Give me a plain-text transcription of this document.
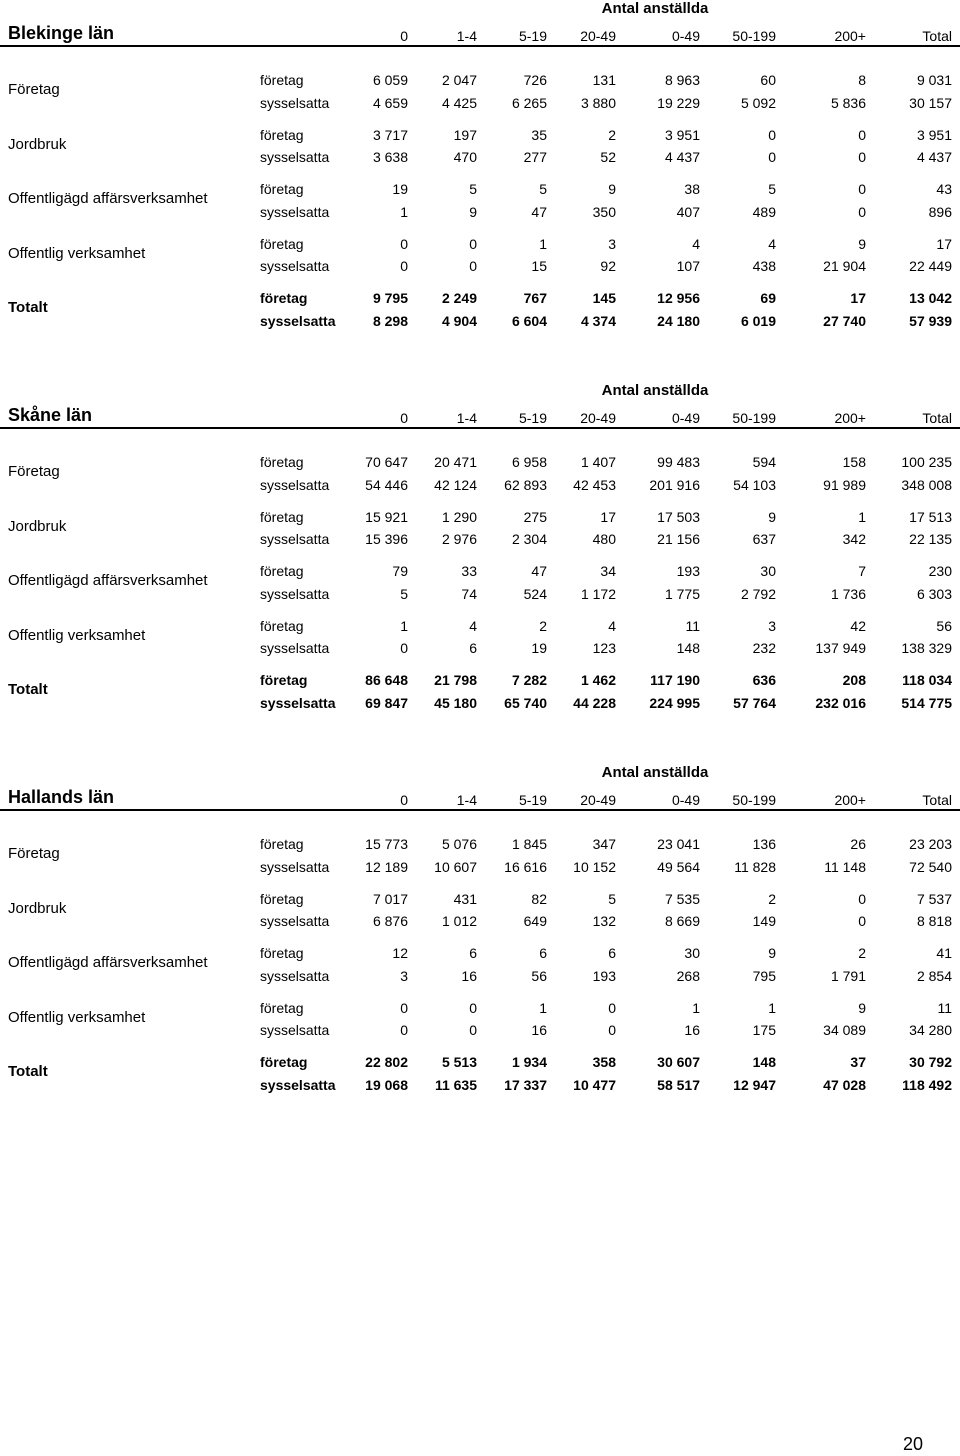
Antal anställda
Blekinge län	0	1-4	5-19	20-49	0-49	50-199	200+	Total
Företag
företag	6 059	2 047	726	131	8 963	60	8	9 031
sysselsatta	4 659	4 425	6 265	3 880	19 229	5 092	5 836	30 157
Jordbruk
företag	3 717	197	35	2	3 951	0	0	3 951
sysselsatta	3 638	470	277	52	4 437	0	0	4 437
Offentligägd affärsverksamhet
företag	19	5	5	9	38	5	0	43
sysselsatta	1	9	47	350	407	489	0	896
Offentlig verksamhet
företag	0	0	1	3	4	4	9	17
sysselsatta	0	0	15	92	107	438	21 904	22 449
Totalt
företag	9 795	2 249	767	145	12 956	69	17	13 042
sysselsatta	8 298	4 904	6 604	4 374	24 180	6 019	27 740	57 939
Antal anställda
Skåne län	0	1-4	5-19	20-49	0-49	50-199	200+	Total
Företag
företag	70 647	20 471	6 958	1 407	99 483	594	158	100 235
sysselsatta	54 446	42 124	62 893	42 453	201 916	54 103	91 989	348 008
Jordbruk
företag	15 921	1 290	275	17	17 503	9	1	17 513
sysselsatta	15 396	2 976	2 304	480	21 156	637	342	22 135
Offentligägd affärsverksamhet
företag	79	33	47	34	193	30	7	230
sysselsatta	5	74	524	1 172	1 775	2 792	1 736	6 303
Offentlig verksamhet
företag	1	4	2	4	11	3	42	56
sysselsatta	0	6	19	123	148	232	137 949	138 329
Totalt
företag	86 648	21 798	7 282	1 462	117 190	636	208	118 034
sysselsatta	69 847	45 180	65 740	44 228	224 995	57 764	232 016	514 775
Antal anställda
Hallands län	0	1-4	5-19	20-49	0-49	50-199	200+	Total
Företag
företag	15 773	5 076	1 845	347	23 041	136	26	23 203
sysselsatta	12 189	10 607	16 616	10 152	49 564	11 828	11 148	72 540
Jordbruk
företag	7 017	431	82	5	7 535	2	0	7 537
sysselsatta	6 876	1 012	649	132	8 669	149	0	8 818
Offentligägd affärsverksamhet
företag	12	6	6	6	30	9	2	41
sysselsatta	3	16	56	193	268	795	1 791	2 854
Offentlig verksamhet
företag	0	0	1	0	1	1	9	11
sysselsatta	0	0	16	0	16	175	34 089	34 280
Totalt
företag	22 802	5 513	1 934	358	30 607	148	37	30 792
sysselsatta	19 068	11 635	17 337	10 477	58 517	12 947	47 028	118 492
20
